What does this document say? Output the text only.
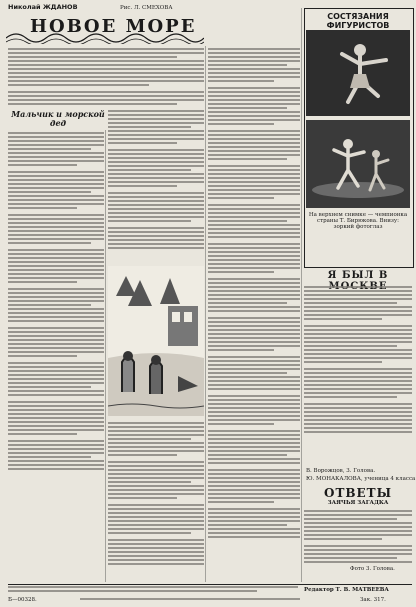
Николай ЖДАНОВ	Рис. Л. СМЕХОВА
НОВОЕ МОРЕ
Мальчик и морской дед
СОСТЯЗАНИЯ ФИГУРИСТОВ
На верхнем снимке — чемпионка страны Т. Бирюкова. Внизу: зоркий фотоглаз
Я БЫЛ В
В. Ворожцов, 3. Голова.
Ю. МОНАКАЛОВА, ученица 4 класса
ОТВЕТЫ
ЗАЯЧЬЯ ЗАГАДКА
Фото 3. Голова.
Редактор Т. В. МАТВЕЕВА
Б—00328.	Зак. 317.
